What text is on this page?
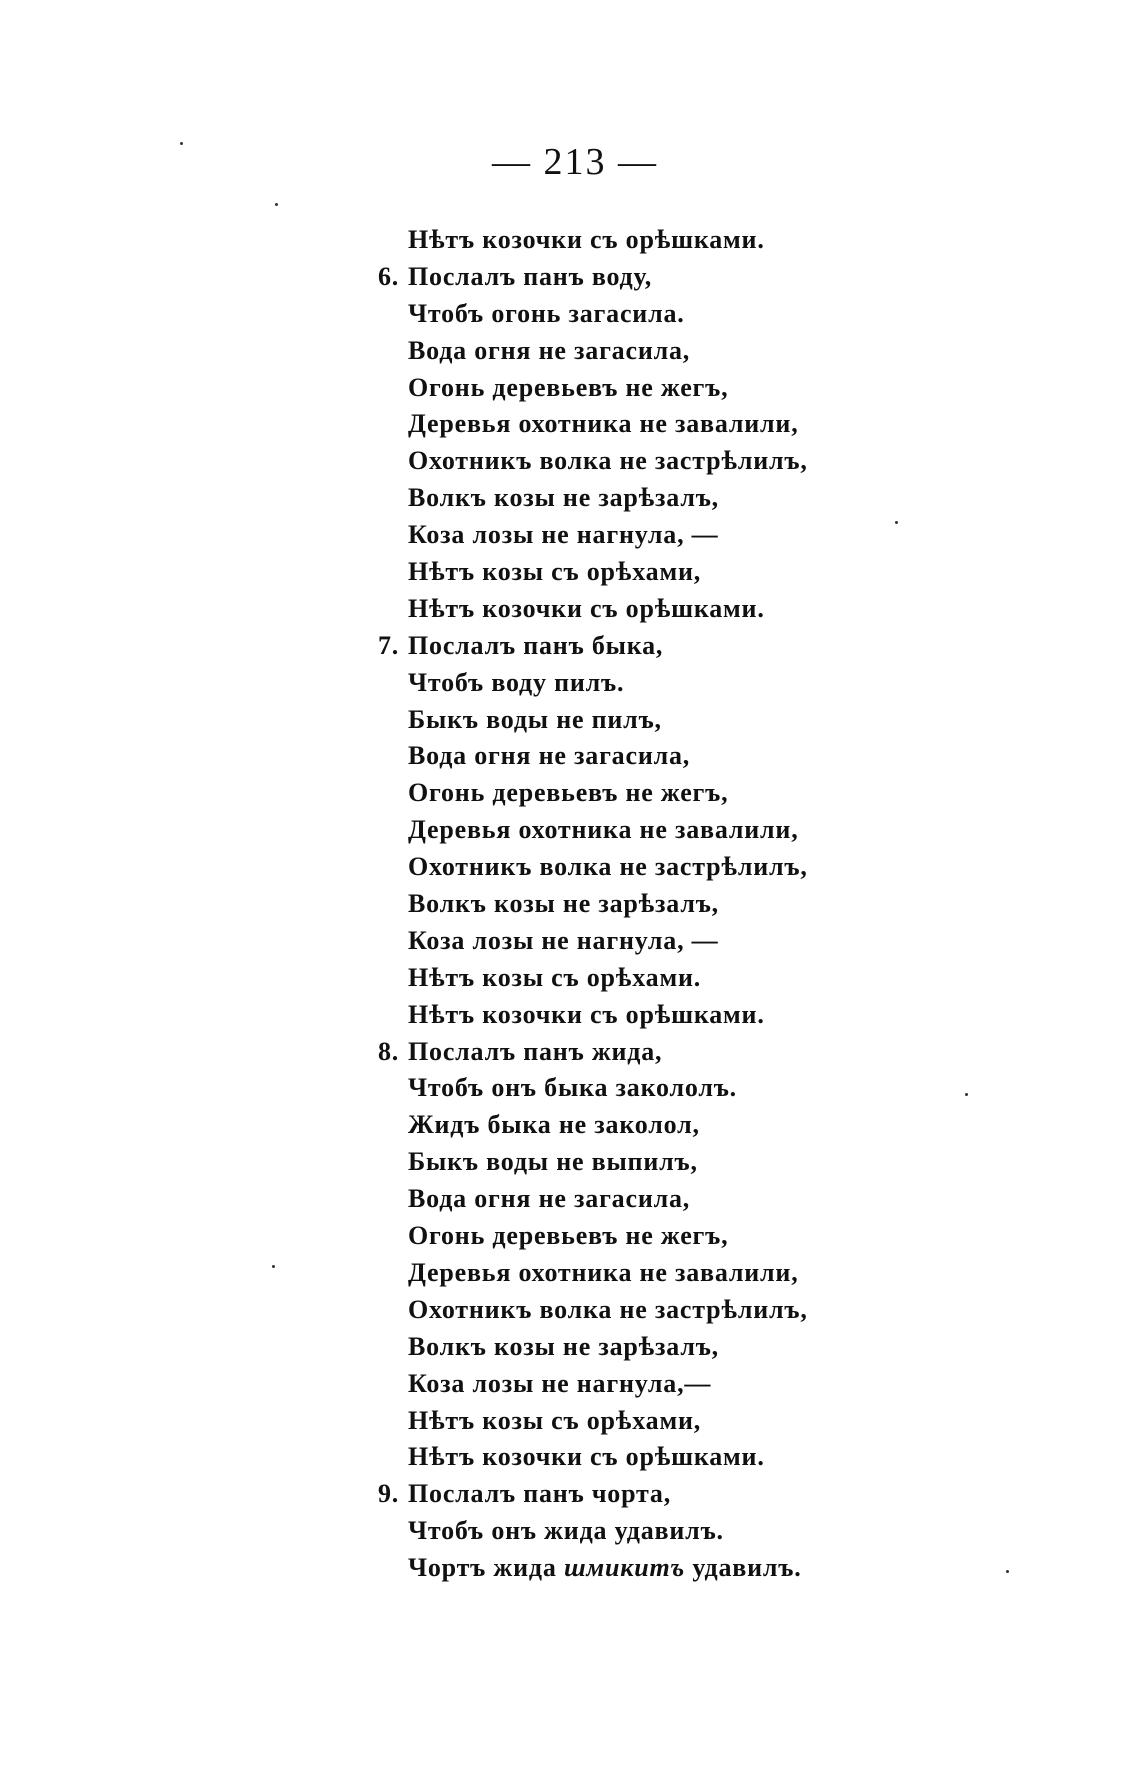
— 213 —
Нѣтъ козочки съ орѣшками.
6. Послалъ панъ воду,
Чтобъ огонь загасила.
Вода огня не загасила,
Огонь деревьевъ не жегъ,
Деревья охотника не завалили,
Охотникъ волка не застрѣлилъ,
Волкъ козы не зарѣзалъ,
Коза лозы не нагнула, —
Нѣтъ козы съ орѣхами,
Нѣтъ козочки съ орѣшками.
7. Послалъ панъ быка,
Чтобъ воду пилъ.
Быкъ воды не пилъ,
Вода огня не загасила,
Огонь деревьевъ не жегъ,
Деревья охотника не завалили,
Охотникъ волка не застрѣлилъ,
Волкъ козы не зарѣзалъ,
Коза лозы не нагнула, —
Нѣтъ козы съ орѣхами.
Нѣтъ козочки съ орѣшками.
8. Послалъ панъ жида,
Чтобъ онъ быка закололъ.
Жидъ быка не заколол,
Быкъ воды не выпилъ,
Вода огня не загасила,
Огонь деревьевъ не жегъ,
Деревья охотника не завалили,
Охотникъ волка не застрѣлилъ,
Волкъ козы не зарѣзалъ,
Коза лозы не нагнула,—
Нѣтъ козы съ орѣхами,
Нѣтъ козочки съ орѣшками.
9. Послалъ панъ чорта,
Чтобъ онъ жида удавилъ.
Чортъ жида шмикитъ удавилъ.
